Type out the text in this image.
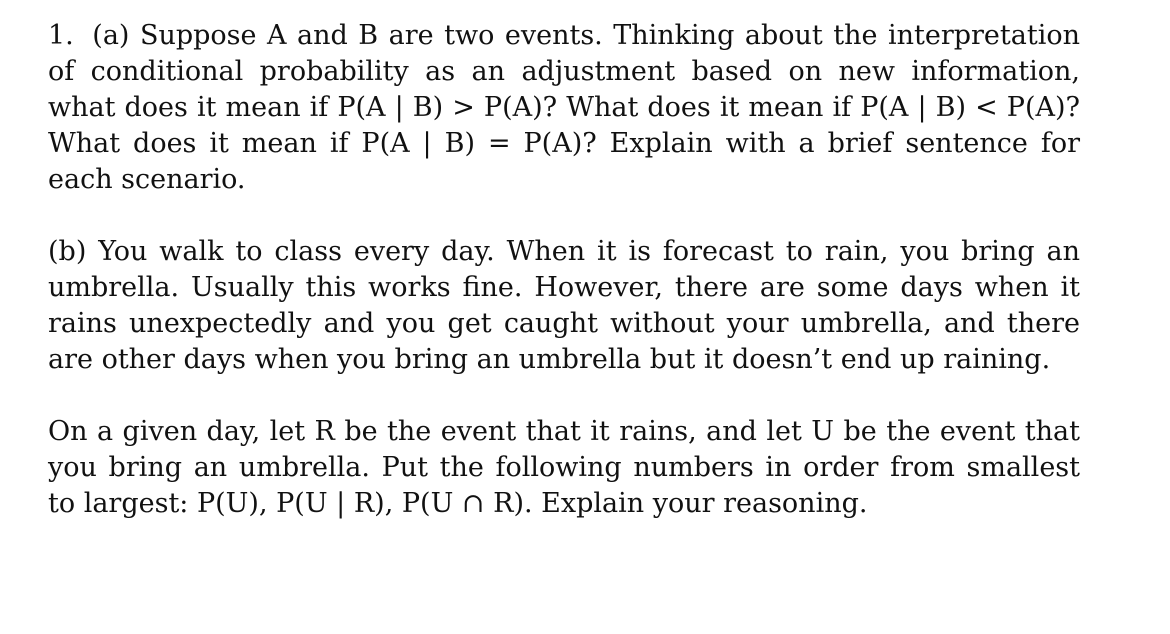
1. (a) Suppose A and B are two events. Thinking about the interpretation of conditional probability as an adjustment based on new information, what does it mean if P(A | B) > P(A)? What does it mean if P(A | B) < P(A)? What does it mean if P(A | B) = P(A)? Explain with a brief sentence for each scenario.

(b) You walk to class every day. When it is forecast to rain, you bring an umbrella. Usually this works fine. However, there are some days when it rains unexpectedly and you get caught without your umbrella, and there are other days when you bring an umbrella but it doesn’t end up raining.

On a given day, let R be the event that it rains, and let U be the event that you bring an umbrella. Put the following numbers in order from smallest to largest: P(U), P(U | R), P(U ∩ R). Explain your reasoning.
